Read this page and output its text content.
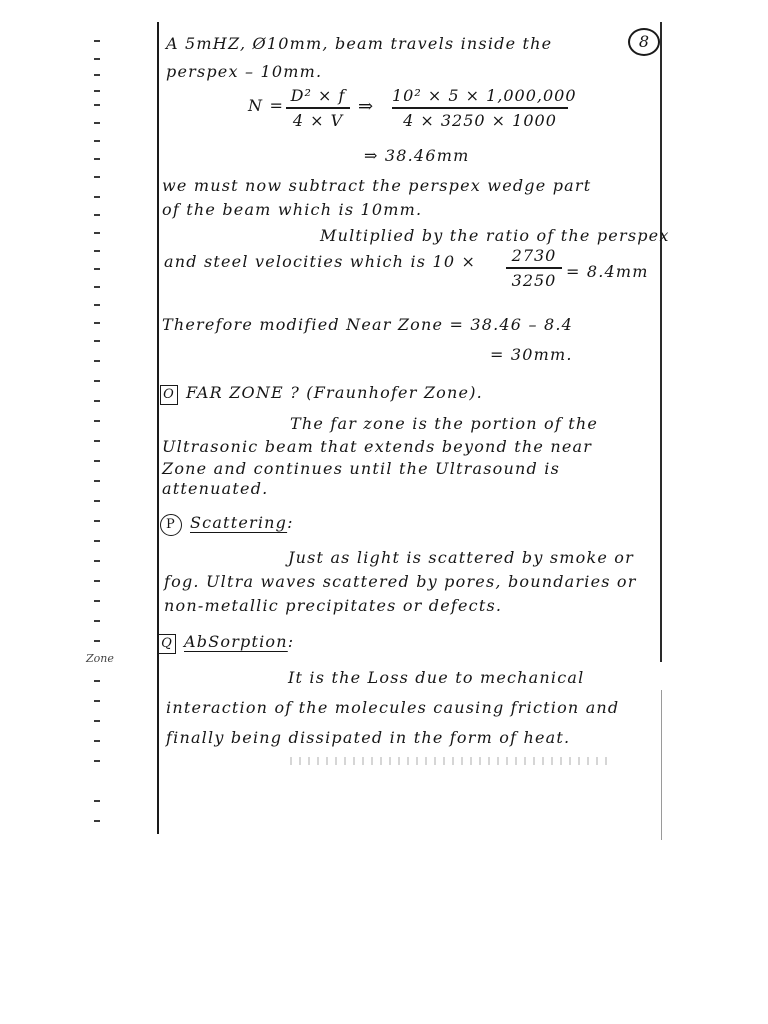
Zone
8
A 5mHZ, Ø10mm, beam travels inside the
perspex – 10mm.
N =
D² × f
4 × V
⇒
10² × 5 × 1,000,000
4 × 3250 × 1000
⇒ 38.46mm
we must now subtract the perspex wedge part
of the beam which is 10mm.
Multiplied by the ratio of the perspex
and steel velocities which is 10 ×	2730
3250 = 8.4mm
Therefore modified Near Zone = 38.46 – 8.4
= 30mm.
O FAR ZONE ? (Fraunhofer Zone).
The far zone is the portion of the
Ultrasonic beam that extends beyond the near
Zone and continues until the Ultrasound is
attenuated.
P Scattering:
Just as light is scattered by smoke or
fog. Ultra waves scattered by pores, boundaries or
non-metallic precipitates or defects.
Q AbSorption:
It is the Loss due to mechanical
interaction of the molecules causing friction and
finally being dissipated in the form of heat.
